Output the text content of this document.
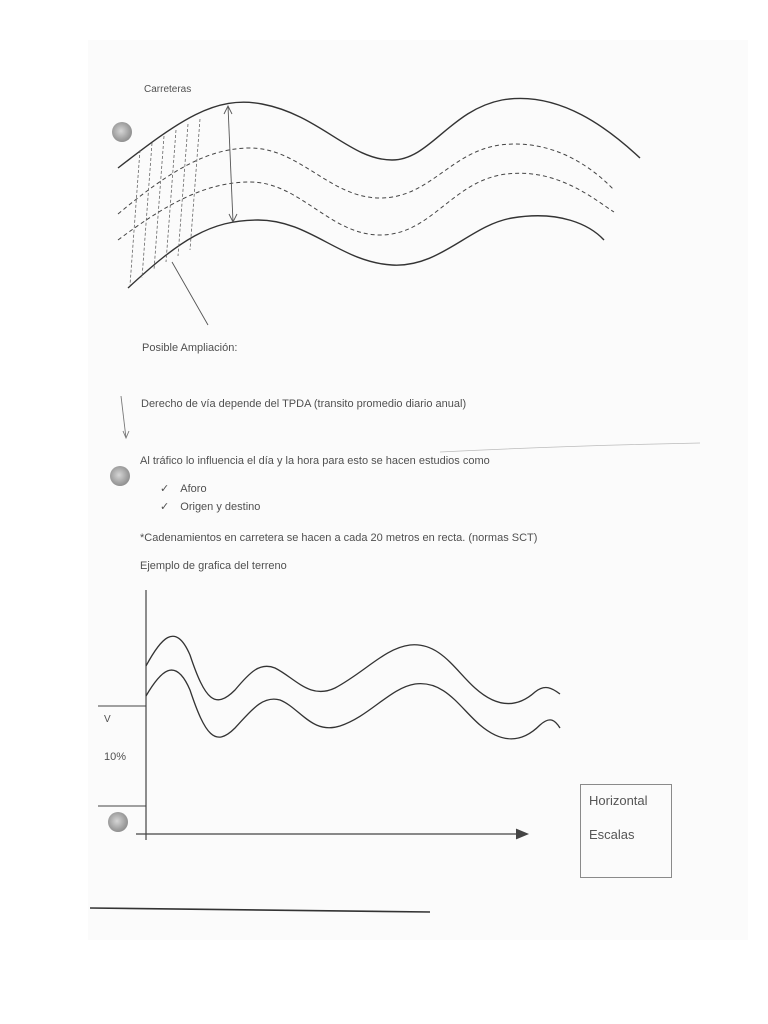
Carreteras
Posible Ampliación:
Derecho de vía depende del TPDA (transito promedio diario anual)
Al tráfico lo influencia el día y la hora para esto se hacen estudios como
✓ Aforo
✓ Origen y destino
*Cadenamientos en carretera se hacen a cada 20 metros en recta. (normas SCT)
Ejemplo de grafica del terreno
V
10%
Horizontal
Escalas
